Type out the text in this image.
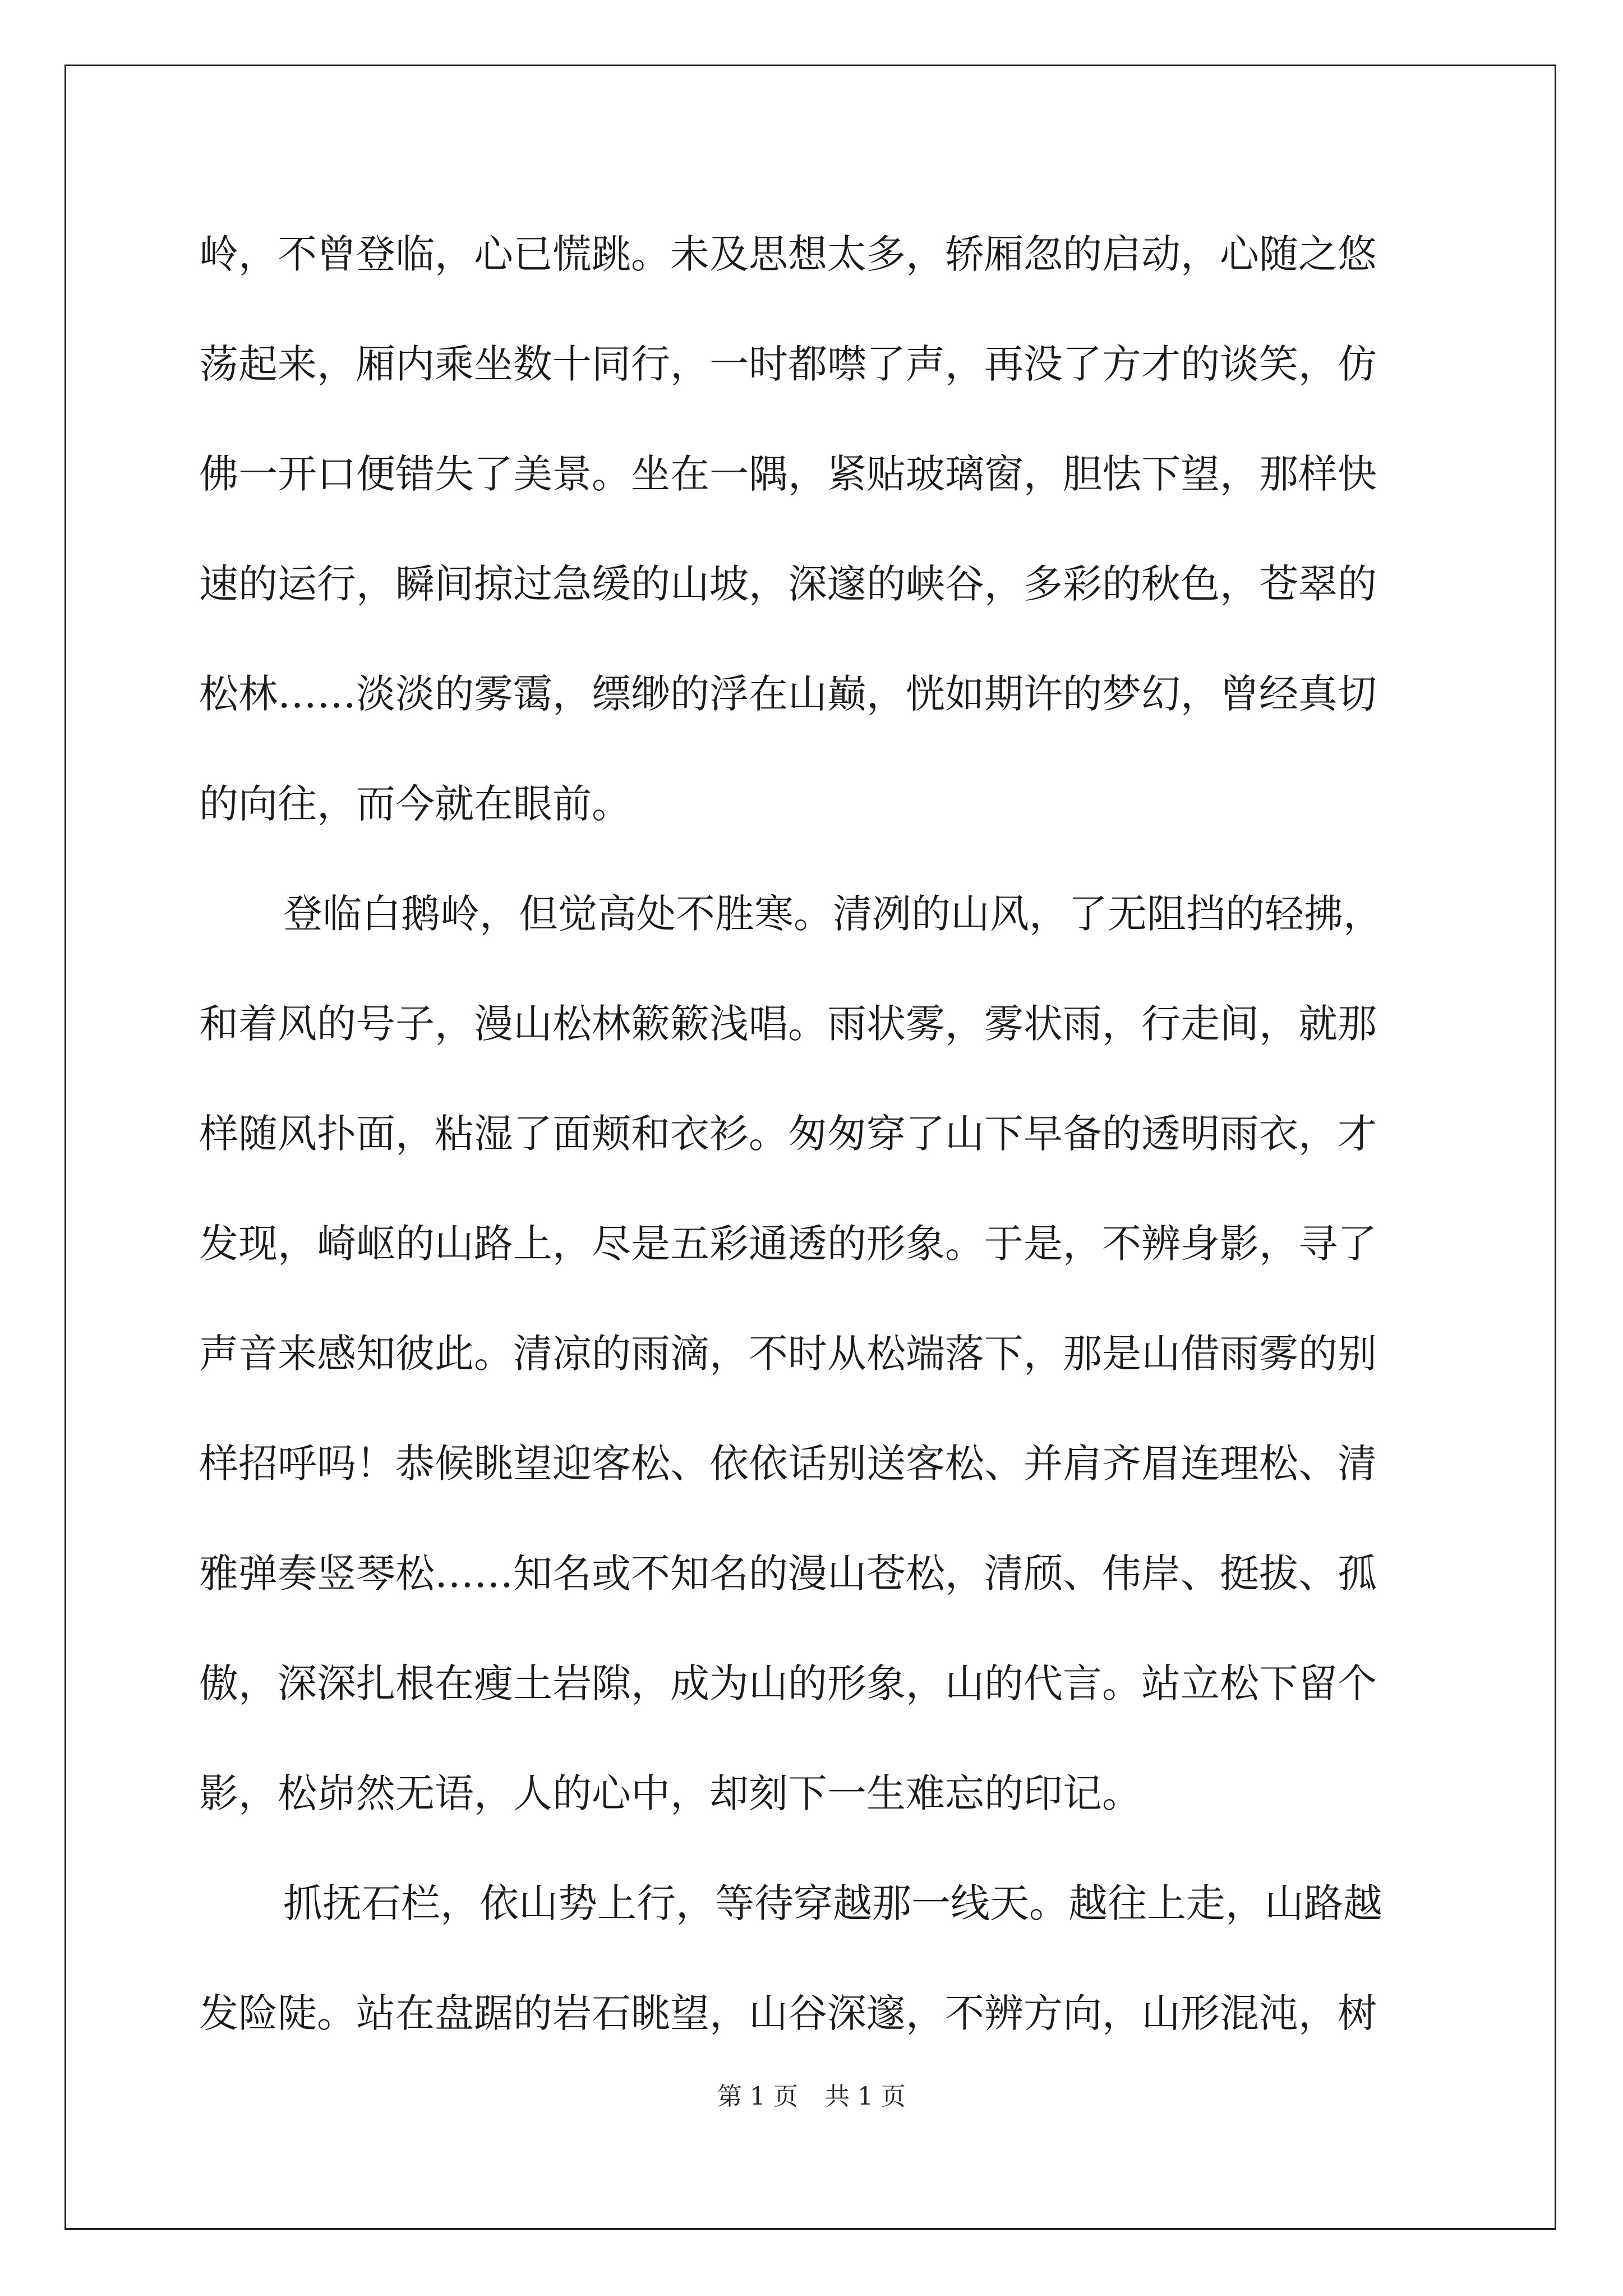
岭，不曾登临，心已慌跳。未及思想太多，轿厢忽的启动，心随之悠
荡起来，厢内乘坐数十同行，一时都噤了声，再没了方才的谈笑，仿
佛一开口便错失了美景。坐在一隅，紧贴玻璃窗，胆怯下望，那样快
速的运行，瞬间掠过急缓的山坡，深邃的峡谷，多彩的秋色，苍翠的
松林……淡淡的雾霭，缥缈的浮在山巅，恍如期许的梦幻，曾经真切
的向往，而今就在眼前。
登临白鹅岭，但觉高处不胜寒。清冽的山风，了无阻挡的轻拂，
和着风的号子，漫山松林簌簌浅唱。雨状雾，雾状雨，行走间，就那
样随风扑面，粘湿了面颊和衣衫。匆匆穿了山下早备的透明雨衣，才
发现，崎岖的山路上，尽是五彩通透的形象。于是，不辨身影，寻了
声音来感知彼此。清凉的雨滴，不时从松端落下，那是山借雨雾的别
样招呼吗！恭候眺望迎客松、依依话别送客松、并肩齐眉连理松、清
雅弹奏竖琴松……知名或不知名的漫山苍松，清颀、伟岸、挺拔、孤
傲，深深扎根在瘦土岩隙，成为山的形象，山的代言。站立松下留个
影，松峁然无语，人的心中，却刻下一生难忘的印记。
抓抚石栏，依山势上行，等待穿越那一线天。越往上走，山路越
发险陡。站在盘踞的岩石眺望，山谷深邃，不辨方向，山形混沌，树
第 1 页 共 1 页
